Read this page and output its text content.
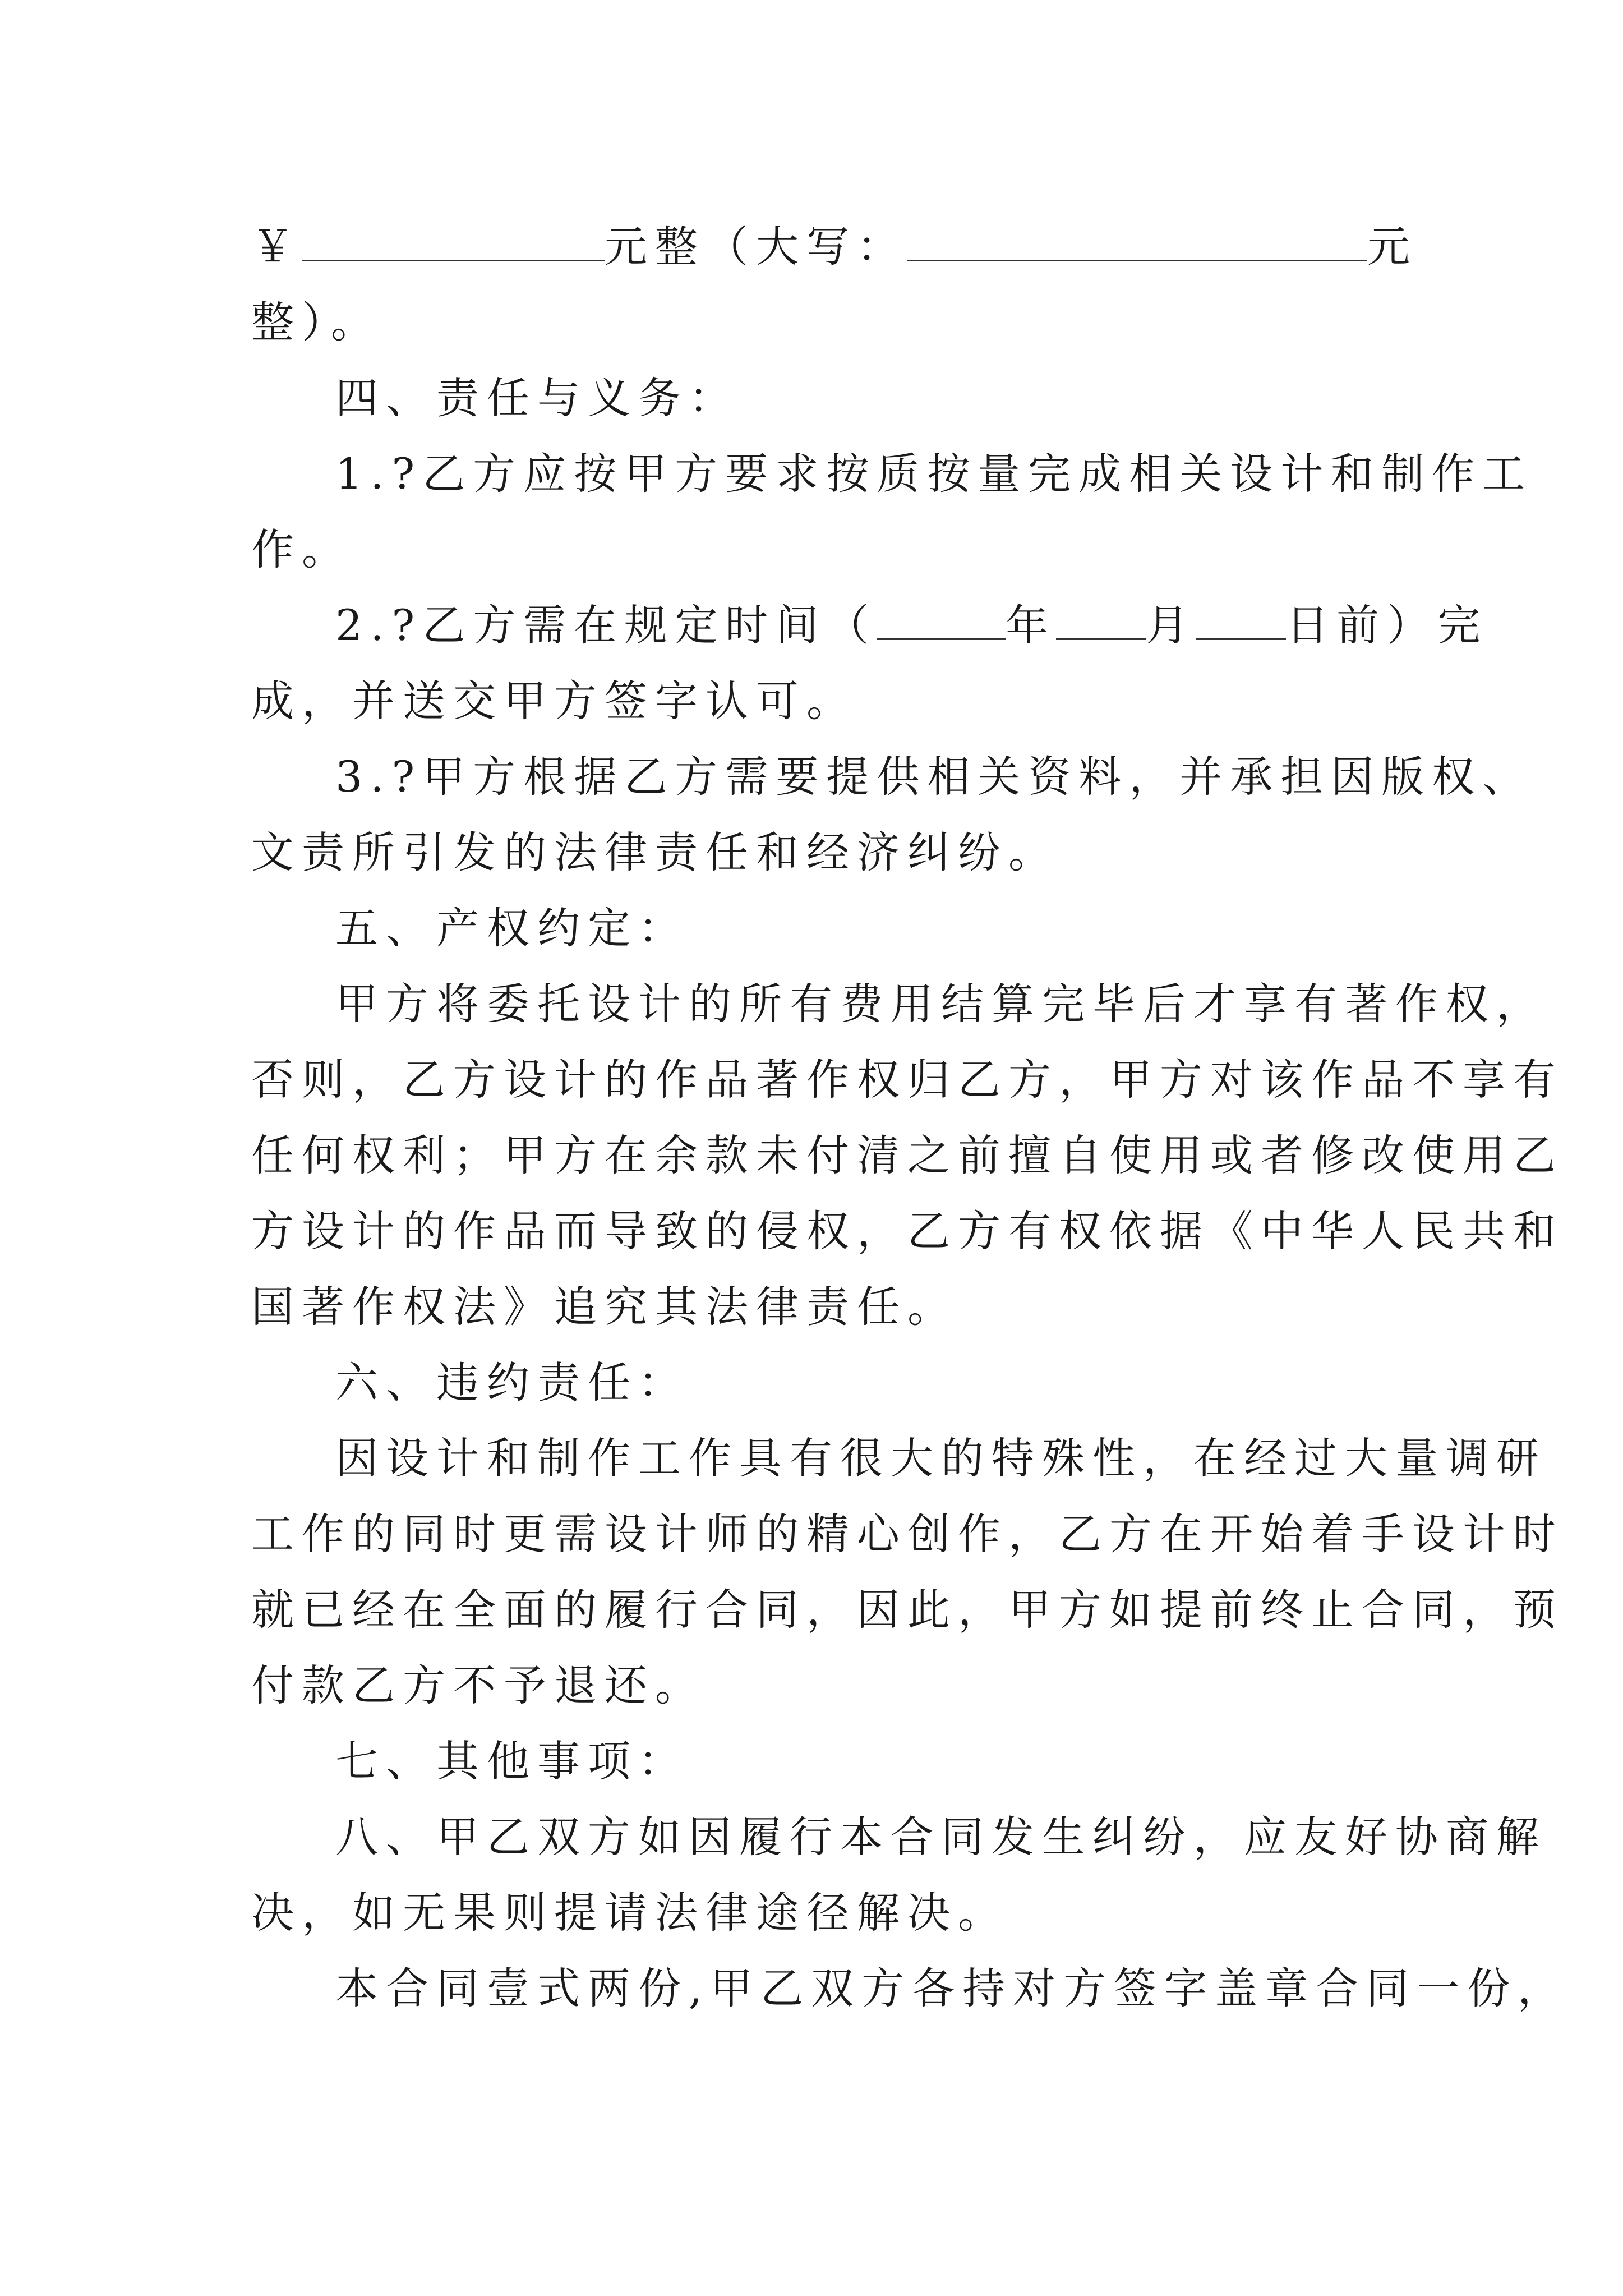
￥	元整（大写：	元
整）。
四、责任与义务：
1.?乙方应按甲方要求按质按量完成相关设计和制作工
作。
2.?乙方需在规定时间（	年 月 日前）完
成，并送交甲方签字认可。
3.?甲方根据乙方需要提供相关资料，并承担因版权、
文责所引发的法律责任和经济纠纷。
五、产权约定：
甲方将委托设计的所有费用结算完毕后才享有著作权，
否则，乙方设计的作品著作权归乙方，甲方对该作品不享有
任何权利；甲方在余款未付清之前擅自使用或者修改使用乙
方设计的作品而导致的侵权，乙方有权依据《中华人民共和
国著作权法》追究其法律责任。
六、违约责任：
因设计和制作工作具有很大的特殊性，在经过大量调研
工作的同时更需设计师的精心创作，乙方在开始着手设计时
就已经在全面的履行合同，因此，甲方如提前终止合同，预
付款乙方不予退还。
七、其他事项：
八、甲乙双方如因履行本合同发生纠纷，应友好协商解
决，如无果则提请法律途径解决。
本合同壹式两份,甲乙双方各持对方签字盖章合同一份，
